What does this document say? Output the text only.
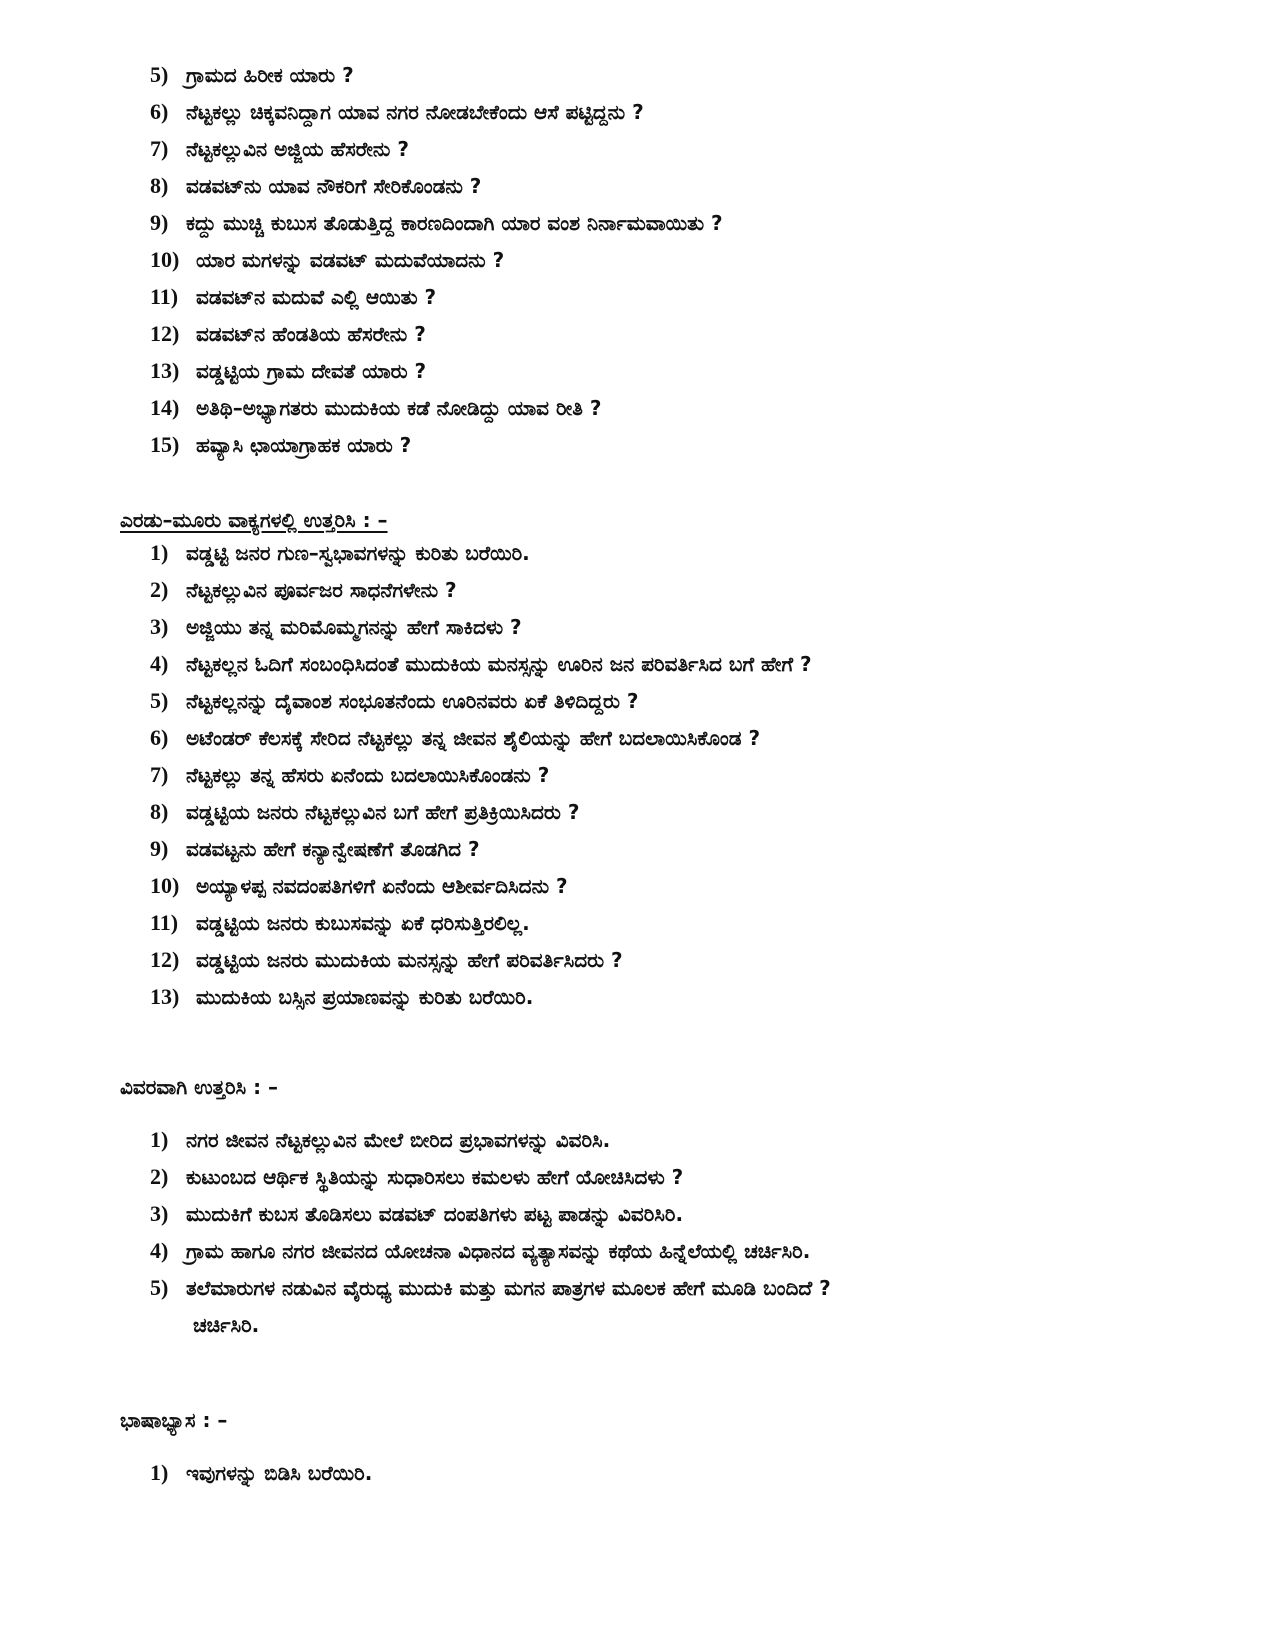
5) ಗ್ರಾಮದ ಹಿರೀಕ ಯಾರು ?
6) ನೆಟ್ಟಕಲ್ಲು ಚಿಕ್ಕವನಿದ್ದಾಗ ಯಾವ ನಗರ ನೋಡಬೇಕೆಂದು ಆಸೆ ಪಟ್ಟಿದ್ದನು ?
7) ನೆಟ್ಟಕಲ್ಲುವಿನ ಅಜ್ಜಿಯ ಹೆಸರೇನು ?
8) ವಡವಟ್‌ನು ಯಾವ ನೌಕರಿಗೆ ಸೇರಿಕೊಂಡನು ?
9) ಕದ್ದು ಮುಚ್ಚಿ ಕುಬುಸ ತೊಡುತ್ತಿದ್ದ ಕಾರಣದಿಂದಾಗಿ ಯಾರ ವಂಶ ನಿರ್ನಾಮವಾಯಿತು ?
10) ಯಾರ ಮಗಳನ್ನು ವಡವಟ್ ಮದುವೆಯಾದನು ?
11) ವಡವಟ್‌ನ ಮದುವೆ ಎಲ್ಲಿ ಆಯಿತು ?
12) ವಡವಟ್‌ನ ಹೆಂಡತಿಯ ಹೆಸರೇನು ?
13) ವಡ್ಡಟ್ಟಿಯ ಗ್ರಾಮ ದೇವತೆ ಯಾರು ?
14) ಅತಿಥಿ–ಅಭ್ಯಾಗತರು ಮುದುಕಿಯ ಕಡೆ ನೋಡಿದ್ದು ಯಾವ ರೀತಿ ?
15) ಹವ್ಯಾಸಿ ಛಾಯಾಗ್ರಾಹಕ ಯಾರು ?
ಎರಡು–ಮೂರು ವಾಕ್ಯಗಳಲ್ಲಿ ಉತ್ತರಿಸಿ : –
1) ವಡ್ಡಟ್ಟಿ ಜನರ ಗುಣ–ಸ್ವಭಾವಗಳನ್ನು ಕುರಿತು ಬರೆಯಿರಿ.
2) ನೆಟ್ಟಕಲ್ಲುವಿನ ಪೂರ್ವಜರ ಸಾಧನೆಗಳೇನು ?
3) ಅಜ್ಜಿಯು ತನ್ನ ಮರಿಮೊಮ್ಮಗನನ್ನು ಹೇಗೆ ಸಾಕಿದಳು ?
4) ನೆಟ್ಟಕಲ್ಲನ ಓದಿಗೆ ಸಂಬಂಧಿಸಿದಂತೆ ಮುದುಕಿಯ ಮನಸ್ಸನ್ನು ಊರಿನ ಜನ ಪರಿವರ್ತಿಸಿದ ಬಗೆ ಹೇಗೆ ?
5) ನೆಟ್ಟಕಲ್ಲನನ್ನು ದೈವಾಂಶ ಸಂಭೂತನೆಂದು ಊರಿನವರು ಏಕೆ ತಿಳಿದಿದ್ದರು ?
6) ಅಟೆಂಡರ್ ಕೆಲಸಕ್ಕೆ ಸೇರಿದ ನೆಟ್ಟಕಲ್ಲು ತನ್ನ ಜೀವನ ಶೈಲಿಯನ್ನು ಹೇಗೆ ಬದಲಾಯಿಸಿಕೊಂಡ ?
7) ನೆಟ್ಟಕಲ್ಲು ತನ್ನ ಹೆಸರು ಏನೆಂದು ಬದಲಾಯಿಸಿಕೊಂಡನು ?
8) ವಡ್ಡಟ್ಟಿಯ ಜನರು ನೆಟ್ಟಕಲ್ಲುವಿನ ಬಗೆ ಹೇಗೆ ಪ್ರತಿಕ್ರಿಯಿಸಿದರು ?
9) ವಡವಟ್ಟನು ಹೇಗೆ ಕನ್ಯಾನ್ವೇಷಣೆಗೆ ತೊಡಗಿದ ?
10) ಅಯ್ಯಾಳಪ್ಪ ನವದಂಪತಿಗಳಿಗೆ ಏನೆಂದು ಆಶೀರ್ವದಿಸಿದನು ?
11) ವಡ್ಡಟ್ಟಿಯ ಜನರು ಕುಬುಸವನ್ನು ಏಕೆ ಧರಿಸುತ್ತಿರಲಿಲ್ಲ.
12) ವಡ್ಡಟ್ಟಿಯ ಜನರು ಮುದುಕಿಯ ಮನಸ್ಸನ್ನು ಹೇಗೆ ಪರಿವರ್ತಿಸಿದರು ?
13) ಮುದುಕಿಯ ಬಸ್ಸಿನ ಪ್ರಯಾಣವನ್ನು ಕುರಿತು ಬರೆಯಿರಿ.
ವಿವರವಾಗಿ ಉತ್ತರಿಸಿ : –
1) ನಗರ ಜೀವನ ನೆಟ್ಟಕಲ್ಲುವಿನ ಮೇಲೆ ಬೀರಿದ ಪ್ರಭಾವಗಳನ್ನು ವಿವರಿಸಿ.
2) ಕುಟುಂಬದ ಆರ್ಥಿಕ ಸ್ಥಿತಿಯನ್ನು ಸುಧಾರಿಸಲು ಕಮಲಳು ಹೇಗೆ ಯೋಚಿಸಿದಳು ?
3) ಮುದುಕಿಗೆ ಕುಬಸ ತೊಡಿಸಲು ವಡವಟ್ ದಂಪತಿಗಳು ಪಟ್ಟ ಪಾಡನ್ನು ವಿವರಿಸಿರಿ.
4) ಗ್ರಾಮ ಹಾಗೂ ನಗರ ಜೀವನದ ಯೋಚನಾ ವಿಧಾನದ ವ್ಯತ್ಯಾಸವನ್ನು ಕಥೆಯ ಹಿನ್ನೆಲೆಯಲ್ಲಿ ಚರ್ಚಿಸಿರಿ.
5) ತಲೆಮಾರುಗಳ ನಡುವಿನ ವೈರುಧ್ಯ ಮುದುಕಿ ಮತ್ತು ಮಗನ ಪಾತ್ರಗಳ ಮೂಲಕ ಹೇಗೆ ಮೂಡಿ ಬಂದಿದೆ ?
ಚರ್ಚಿಸಿರಿ.
ಭಾಷಾಭ್ಯಾಸ : –
1) ಇವುಗಳನ್ನು ಬಿಡಿಸಿ ಬರೆಯಿರಿ.
